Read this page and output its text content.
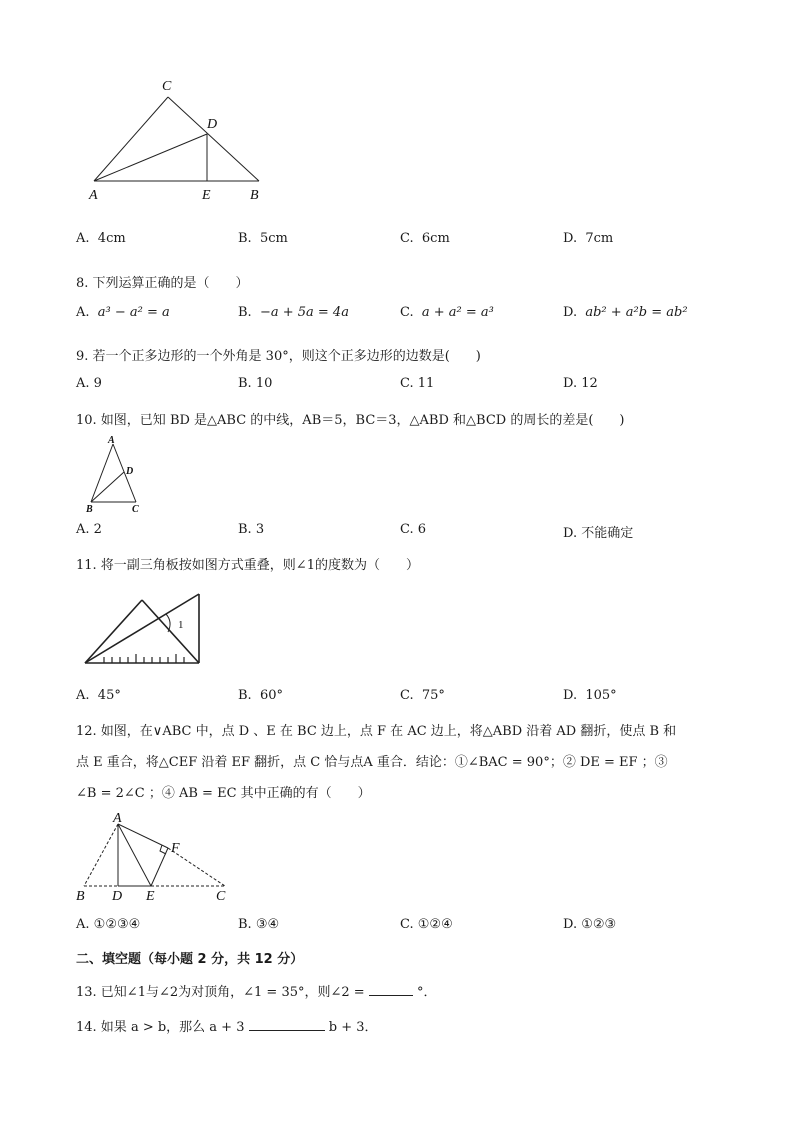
C
D
A	E	B
A. 4cm	B. 5cm	C. 6cm	D. 7cm
8. 下列运算正确的是（　　）
A. a³ − a² = a	B. −a + 5a = 4a	C. a + a² = a³	D. ab² + a²b = ab²
9. 若一个正多边形的一个外角是 30°，则这个正多边形的边数是(　　)
A. 9	B. 10	C. 11	D. 12
10. 如图，已知 BD 是△ABC 的中线，AB＝5，BC＝3，△ABD 和△BCD 的周长的差是(　　)
A
D
B	C
A. 2	B. 3	C. 6	D. 不能确定
11. 将一副三角板按如图方式重叠，则∠1的度数为（　　）
1
A. 45°	B. 60°	C. 75°	D. 105°
12. 如图，在∨ABC 中，点 D 、E 在 BC 边上，点 F 在 AC 边上，将△ABD 沿着 AD 翻折，使点 B 和
点 E 重合，将△CEF 沿着 EF 翻折，点 C 恰与点A 重合．结论：①∠BAC = 90°；② DE = EF ；③
∠B = 2∠C ；④ AB = EC 其中正确的有（　　）
A
F
B D E	C
A. ①②③④	B. ③④	C. ①②④	D. ①②③
二、填空题（每小题 2 分，共 12 分）
13. 已知∠1与∠2为对顶角，∠1 = 35°，则∠2 =	°．
14. 如果 a > b，那么 a + 3	b + 3．
